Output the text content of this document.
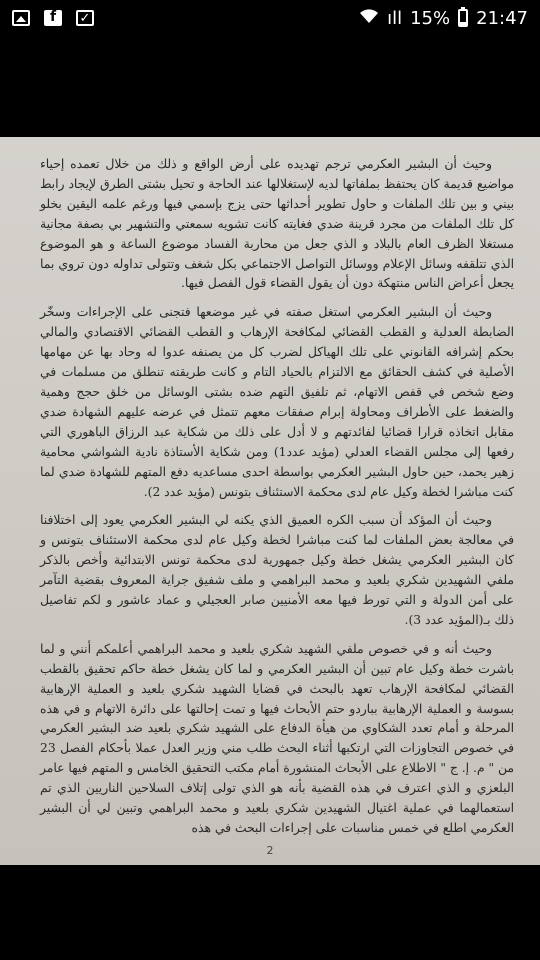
f	✓	ıll 15% 21:47

وحيث أن البشير العكرمي ترجم تهديده على أرض الواقع و ذلك من خلال تعمده إحياء مواضيع قديمة كان يحتفظ بملفاتها لديه لإستغلالها عند الحاجة و تحيل بشتى الطرق لإيجاد رابط بيني و بين تلك الملفات و حاول تطوير أحداثها حتى يزج بإسمي فيها ورغم علمه اليقين بخلو كل تلك الملفات من مجرد قرينة ضدي فغايته كانت تشويه سمعتي والتشهير بي بصفة مجانية مستغلا الظرف العام بالبلاد و الذي جعل من محاربة الفساد موضوع الساعة و هو الموضوع الذي تتلقفه وسائل الإعلام ووسائل التواصل الاجتماعي بكل شغف وتتولى تداوله دون تروي بما يجعل أعراض الناس منتهكة دون أن يقول القضاء قول الفصل فيها.

وحيث أن البشير العكرمي استغل صفته في غير موضعها فتجنى على الإجراءات وسخّر الضابطة العدلية و القطب القضائي لمكافحة الإرهاب و القطب القضائي الاقتصادي والمالي بحكم إشرافه القانوني على تلك الهياكل لضرب كل من يصنفه عدوا له وحاد بها عن مهامها الأصلية في كشف الحقائق مع الالتزام بالحياد التام و كانت طريقته تنطلق من مسلمات في وضع شخص في قفص الاتهام، ثم تلفيق التهم ضده بشتى الوسائل من خلق حجج وهمية والضغط على الأطراف ومحاولة إبرام صفقات معهم تتمثل في عرضه عليهم الشهادة ضدي مقابل اتخاذه قرارا قضائيا لفائدتهم و لا أدل على ذلك من شكاية عبد الرزاق الباهوري التي رفعها إلى مجلس القضاء العدلي (مؤيد عدد1) ومن شكاية الأستاذة نادية الشواشي محامية زهير يحمد، حين حاول البشير العكرمي بواسطة احدى مساعديه دفع المتهم للشهادة ضدي لما كنت مباشرا لخطة وكيل عام لدى محكمة الاستئناف بتونس (مؤيد عدد 2).

وحيث أن المؤكد أن سبب الكره العميق الذي يكنه لي البشير العكرمي يعود إلى اختلافنا في معالجة بعض الملفات لما كنت مباشرا لخطة وكيل عام لدى محكمة الاستئناف بتونس و كان البشير العكرمي يشغل خطة وكيل جمهورية لدى محكمة تونس الابتدائية وأخص بالذكر ملفي الشهيدين شكري بلعيد و محمد البراهمي و ملف شفيق جراية المعروف بقضية التآمر على أمن الدولة و التي تورط فيها معه الأمنيين صابر العجيلي و عماد عاشور و لكم تفاصيل ذلك بـ(المؤيد عدد 3).

وحيث أنه و في خصوص ملفي الشهيد شكري بلعيد و محمد البراهمي أعلمكم أنني و لما باشرت خطة وكيل عام تبين أن البشير العكرمي و لما كان يشغل خطة حاكم تحقيق بالقطب القضائي لمكافحة الإرهاب تعهد بالبحث في قضايا الشهيد شكري بلعيد و العملية الإرهابية بسوسة و العملية الإرهابية بباردو حتم الأبحاث فيها و تمت إحالتها على دائرة الاتهام و في هذه المرحلة و أمام تعدد الشكاوي من هيأة الدفاع على الشهيد شكري بلعيد ضد البشير العكرمي في خصوص التجاوزات التي ارتكبها أثناء البحث طلب مني وزير العدل عملا بأحكام الفصل 23 من " م. إ. ج " الاطلاع على الأبحاث المنشورة أمام مكتب التحقيق الخامس و المتهم فيها عامر البلعزي و الذي اعترف في هذه القضية بأنه هو الذي تولى إتلاف السلاحين الناريين الذي تم استعمالهما في عملية اغتيال الشهيدين شكري بلعيد و محمد البراهمي وتبين لي أن البشير العكرمي اطلع في خمس مناسبات على إجراءات البحث في هذه

2
